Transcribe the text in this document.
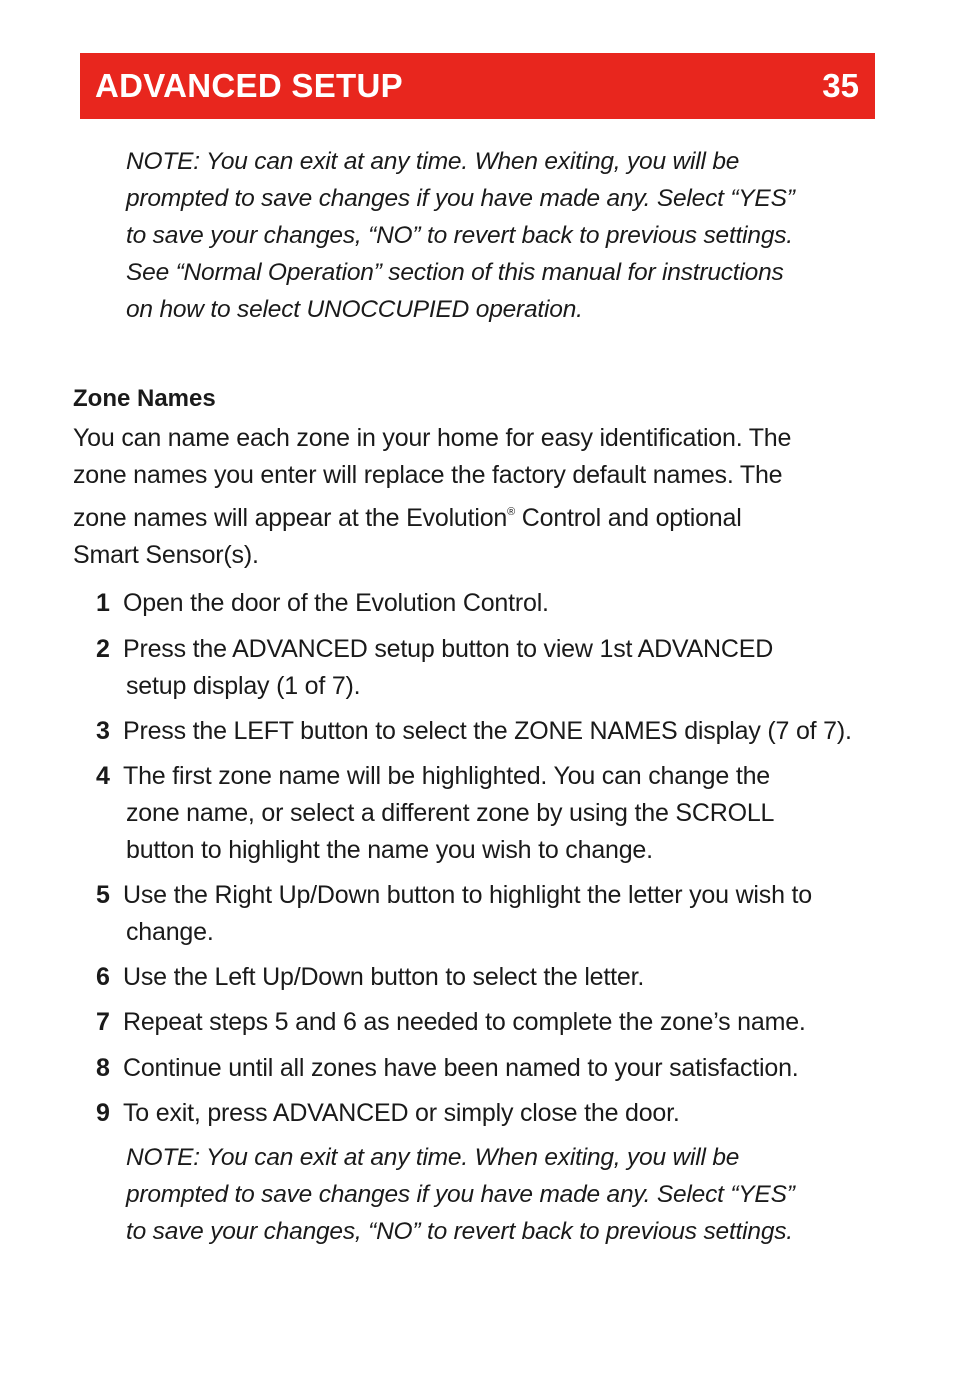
ADVANCED SETUP	35
NOTE: You can exit at any time. When exiting, you will be
prompted to save changes if you have made any. Select “YES”
to save your changes, “NO” to revert back to previous settings.
See “Normal Operation” section of this manual for instructions
on how to select UNOCCUPIED operation.
Zone Names
You can name each zone in your home for easy identification. The
zone names you enter will replace the factory default names. The
zone names will appear at the Evolution® Control and optional
Smart Sensor(s).
1 Open the door of the Evolution Control.
2 Press the ADVANCED setup button to view 1st ADVANCED
setup display (1 of 7).
3 Press the LEFT button to select the ZONE NAMES display (7 of 7).
4 The first zone name will be highlighted. You can change the
zone name, or select a different zone by using the SCROLL
button to highlight the name you wish to change.
5 Use the Right Up/Down button to highlight the letter you wish to
change.
6 Use the Left Up/Down button to select the letter.
7 Repeat steps 5 and 6 as needed to complete the zone’s name.
8 Continue until all zones have been named to your satisfaction.
9 To exit, press ADVANCED or simply close the door.
NOTE: You can exit at any time. When exiting, you will be
prompted to save changes if you have made any. Select “YES”
to save your changes, “NO” to revert back to previous settings.
